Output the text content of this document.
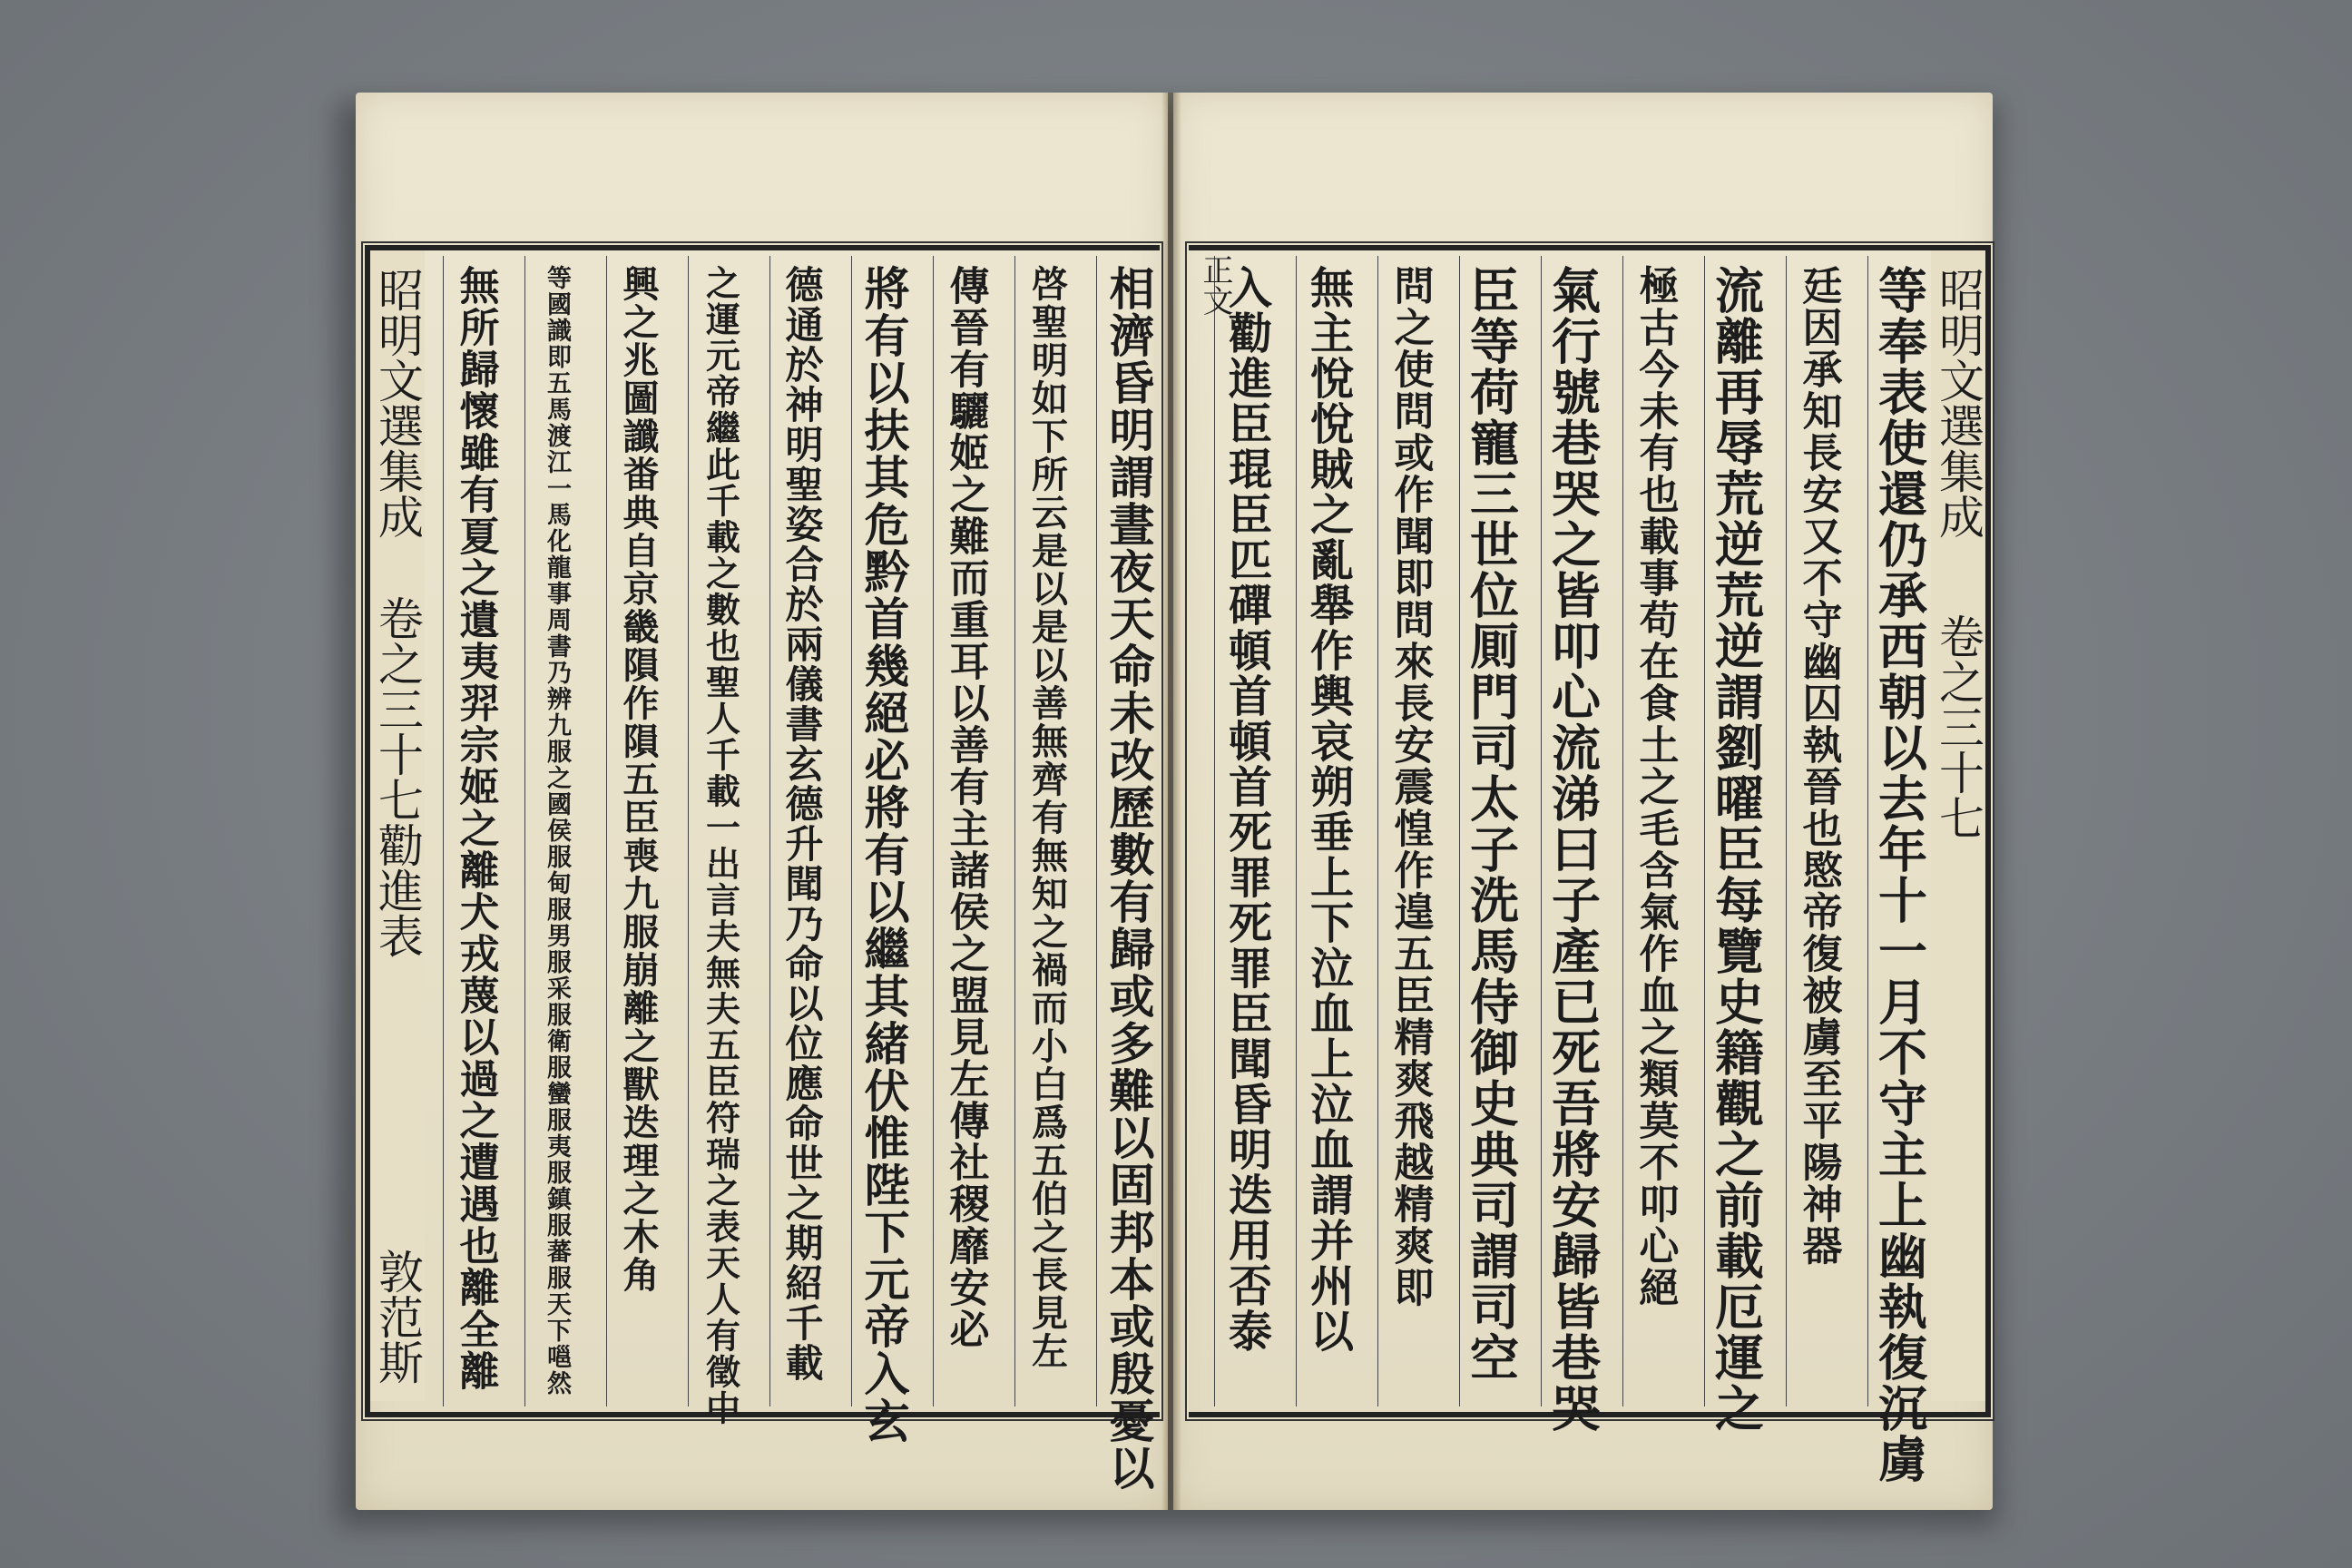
昭明文選集成
卷之三十七
等奉表使還仍承西朝以去年十一月不守主上幽執復沉虜
廷因承知長安又不守幽囚執晉也愍帝復被虜至平陽神器
流離再辱荒逆荒逆謂劉曜臣每覽史籍觀之前載厄運之
極古今未有也載事苟在食土之毛含氣作血之類莫不叩心絕
氣行號巷哭之皆叩心流涕曰子產已死吾將安歸皆巷哭
臣等荷寵三世位厠門司太子洗馬侍御史典司謂司空
問之使問或作聞即問來長安震惶作遑五臣精爽飛越精爽即
無主悅悅賊之亂舉作輿哀朔垂上下泣血上泣血謂并州以
入勸進臣琨臣匹磾頓首頓首死罪死罪臣聞昏明迭用否泰
正文
昭明文選集成
卷之三十七勸進表
敦范斯	相濟昏明謂晝夜天命未改歷數有歸或多難以固邦本或殷憂以
啓聖明如下所云是以是以善無齊有無知之禍而小白爲五伯之長見左
傳晉有驪姬之難而重耳以善有主諸侯之盟見左傳社稷靡安必
將有以扶其危黔首幾絕必將有以繼其緒伏惟陛下元帝入玄
德通於神明聖姿合於兩儀書玄德升聞乃命以位應命世之期紹千載
之運元帝繼此千載之數也聖人千載一出言夫無夫五臣符瑞之表天人有徵中
興之兆圖讖畨典自京畿隕作隕五臣喪九服崩離之獸迭理之木角
等國識即五馬渡江一馬化龍事周書乃辨九服之國侯服甸服男服采服衛服蠻服夷服鎮服蕃服天下嗈然
無所歸懷雖有夏之遺夷羿宗姬之離犬戎蔑以過之遭遇也離全離
